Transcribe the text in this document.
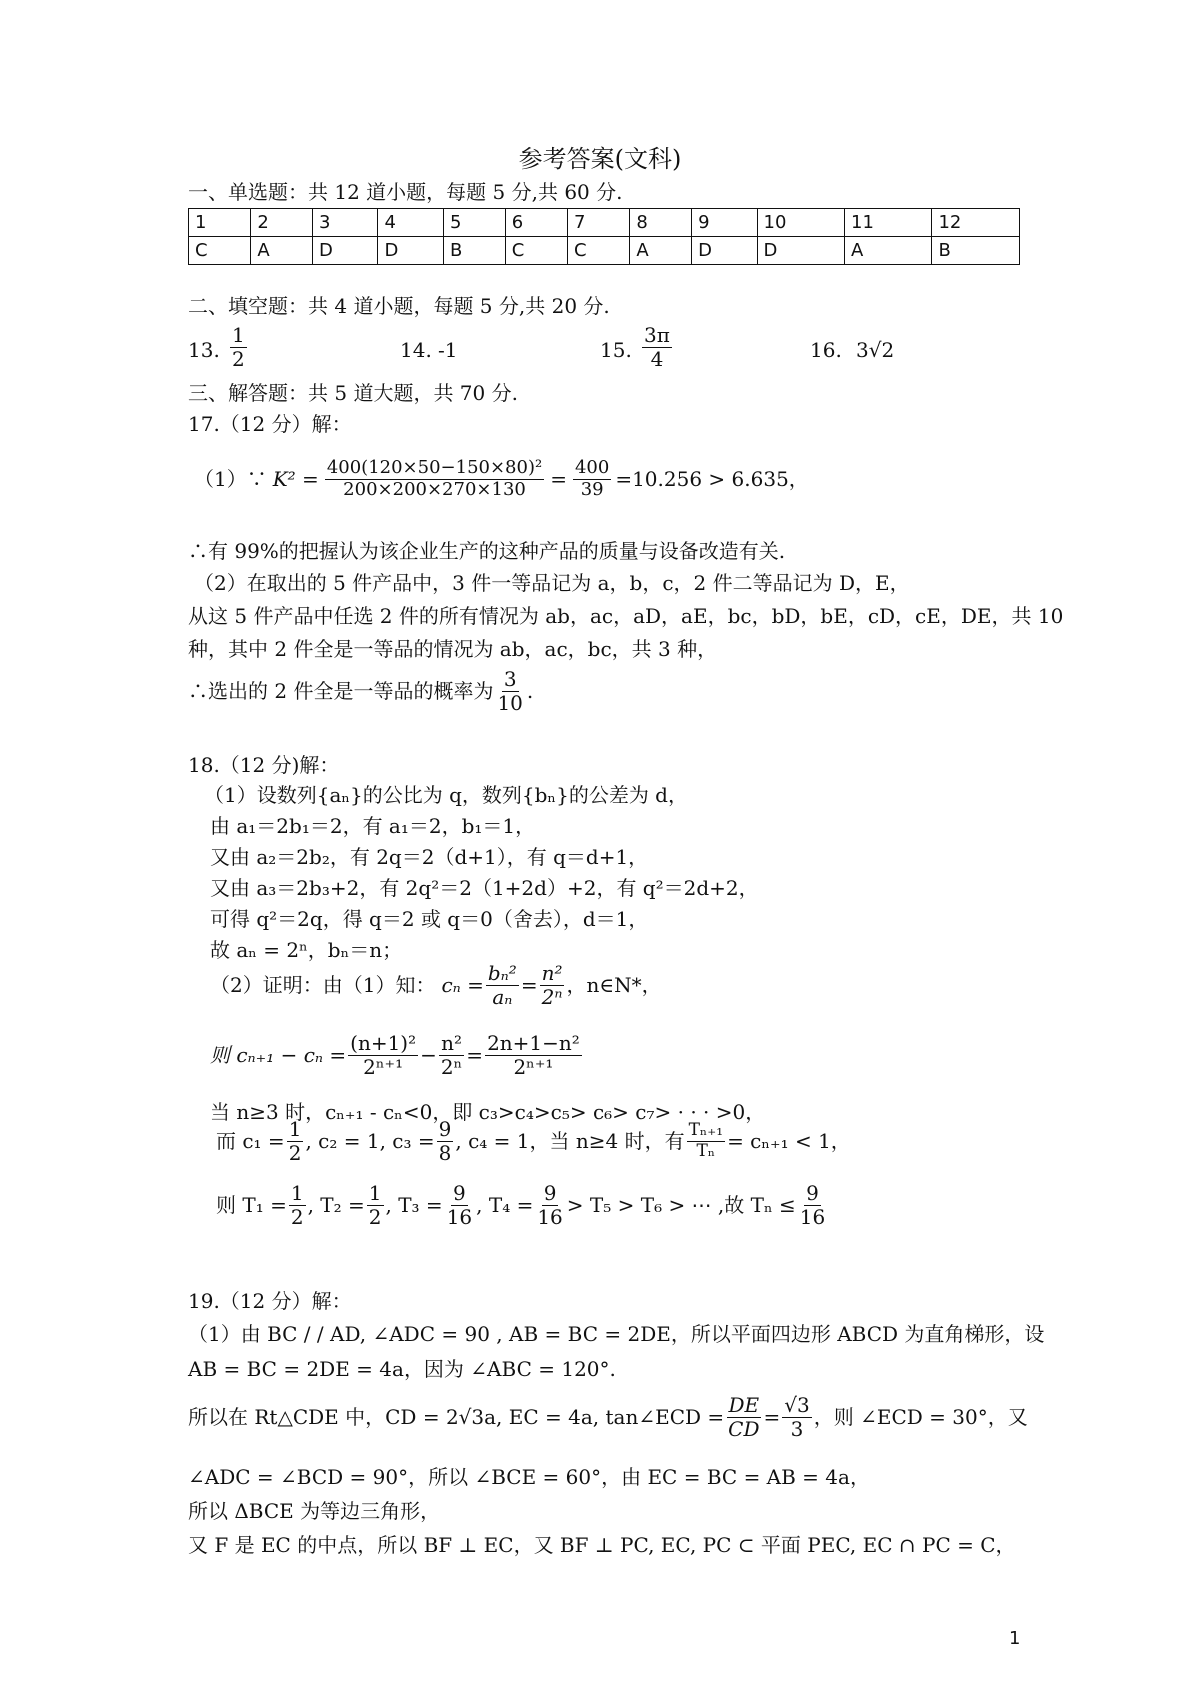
参考答案(文科)
一、单选题：共 12 道小题，每题 5 分,共 60 分.
1	2	3	4	5	6	7	8	9	10	11	12
C	A	D	D	B	C	C	A	D	D	A	B
二、填空题：共 4 道小题，每题 5 分,共 20 分.
13. $\frac{1}{2}$	14. -1	15. $\frac{3\pi}{4}$	16. 3√2
三、解答题：共 5 道大题，共 70 分.
17.（12 分）解：
（1）∵ $K^2 = \frac{\text{400(120×50−150×80)²}}{200\times 200\times 270\times 130} = \frac{400}{39} =10.256 > 6.635$，
∴有 99%的把握认为该企业生产的这种产品的质量与设备改造有关.
（2）在取出的 5 件产品中，3 件一等品记为 a，b，c，2 件二等品记为 D，E，
从这 5 件产品中任选 2 件的所有情况为 ab，ac，aD，aE，bc，bD，bE，cD，cE，DE，共 10
种，其中 2 件全是一等品的情况为 ab，ac，bc，共 3 种，
∴选出的 2 件全是一等品的概率为 $\frac{3}{10}$ .
18.（12 分)解：
（1）设数列{aₙ}的公比为 q，数列{bₙ}的公差为 d，
由 a₁＝2b₁＝2，有 a₁＝2，b₁＝1，
又由 a₂＝2b₂，有 2q＝2（d+1），有 q＝d+1，
又由 a₃＝2b₃+2，有 2q²＝2（1+2d）+2，有 q²＝2d+2，
可得 q²＝2q，得 q＝2 或 q＝0（舍去），d＝1，
故 aₙ = 2ⁿ，bₙ＝n；
（2）证明：由（1）知： $c_n = \frac{\text{bₙ²}}{\text{aₙ}} = \frac{\text{n²}}{\text{2ⁿ}}$ ，n∈N*，
则 $c_{n+1} - c_n = \frac{\text{(n+1)²}}{\text{2ⁿ⁺¹}} - \frac{\text{n²}}{\text{2ⁿ}} = \frac{\text{2n+1−n²}}{\text{2ⁿ⁺¹}}$
当 n≥3 时，cₙ₊₁ - cₙ<0，即 c₃>c₄>c₅> c₆> c₇> · · · >0，
而 $c_1 = \frac{1}{2}$ , c₂ = 1, $c_3 = \frac{9}{8}$ , c₄ = 1，当 n≥4 时，有 $\frac{\text{Tₙ₊₁}}{\text{Tₙ}} = c_{n+1} < 1$，
则 $T_1 = \frac{1}{2}$ , $T_2 = \frac{1}{2}$ , $T_3 = \frac{9}{16}$ , $T_4 = \frac{9}{16} > T_5 > T_6$ > ⋯ ,故 $T_n \le \frac{9}{16}$
19.（12 分）解：
（1）由 BC / / AD, ∠ADC = 90 , AB = BC = 2DE，所以平面四边形 ABCD 为直角梯形，设
AB = BC = 2DE = 4a，因为 ∠ABC = 120°.
所以在 Rt△CDE 中，CD = 2√3a, EC = 4a, tan∠ECD = $\frac{DE}{CD} = \frac{√3}{3}$ ，则 ∠ECD = 30°，又
∠ADC = ∠BCD = 90°，所以 ∠BCE = 60°，由 EC = BC = AB = 4a，
所以 ΔBCE 为等边三角形，
又 F 是 EC 的中点，所以 BF ⊥ EC，又 BF ⊥ PC, EC, PC ⊂ 平面 PEC, EC ∩ PC = C，
1
